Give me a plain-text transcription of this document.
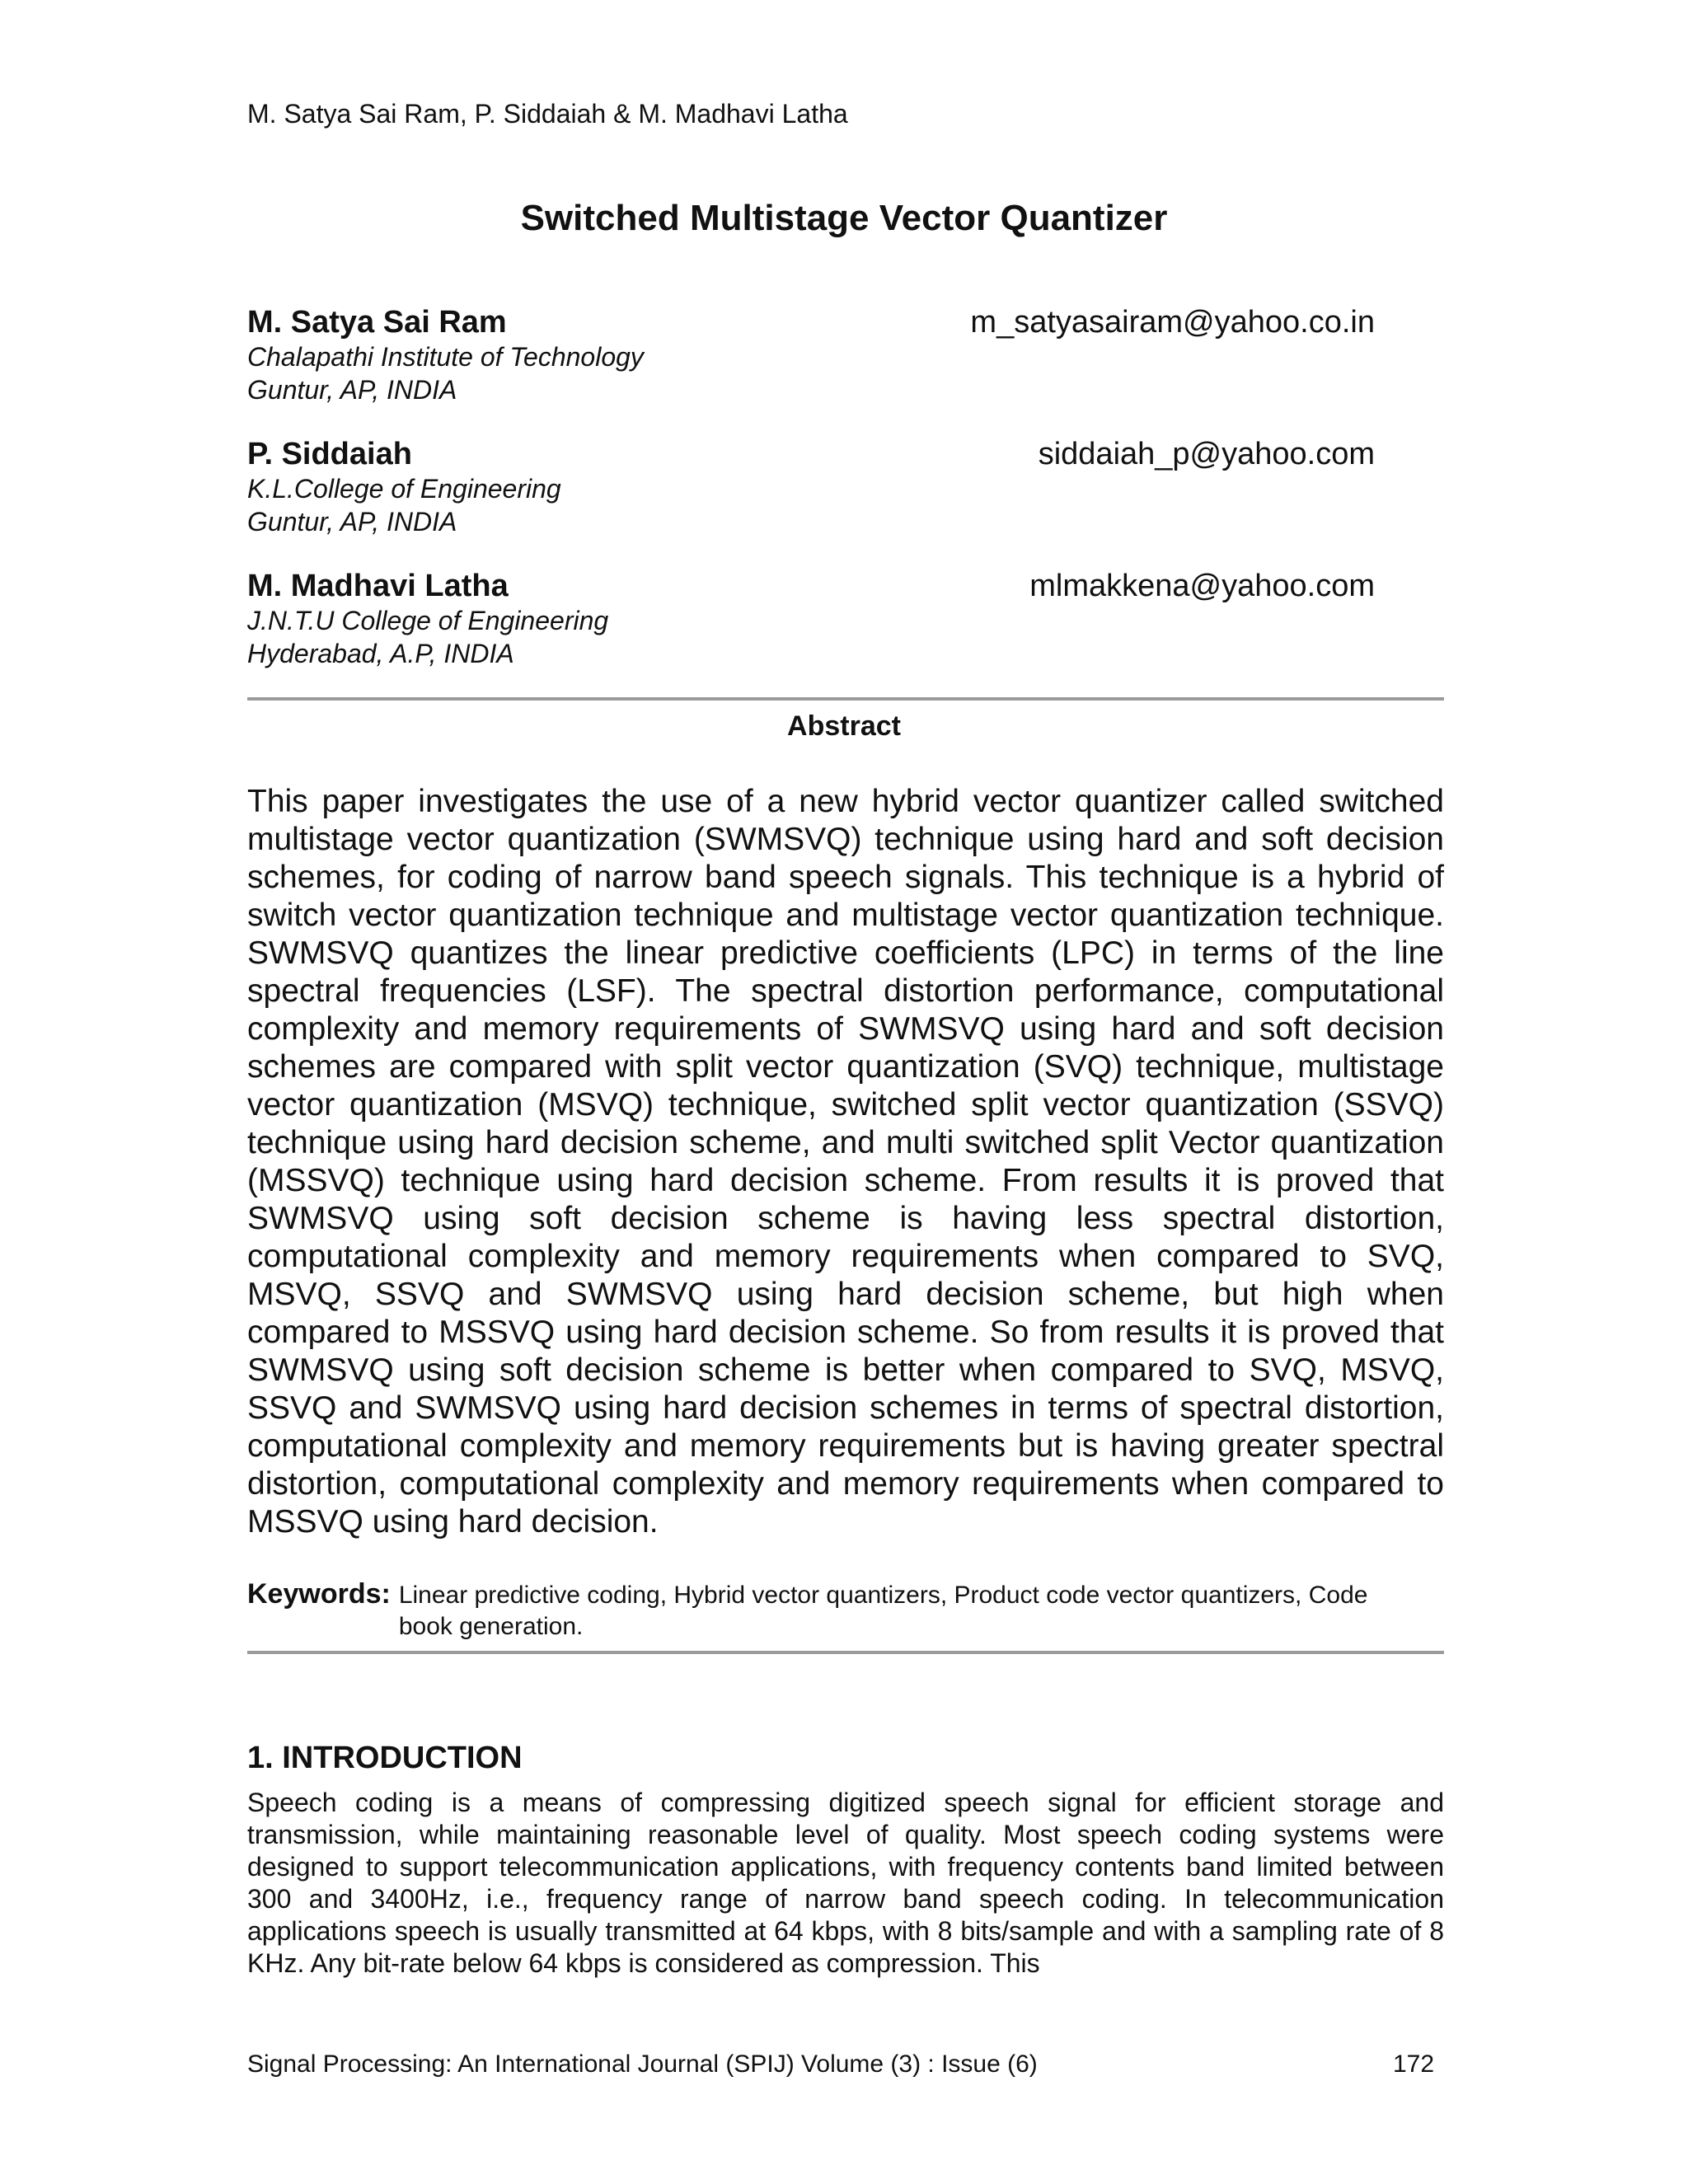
M. Satya Sai Ram, P. Siddaiah & M. Madhavi Latha
Switched Multistage Vector Quantizer
M. Satya Sai Ram	m_satyasairam@yahoo.co.in
Chalapathi Institute of Technology
Guntur, AP, INDIA
P. Siddaiah	siddaiah_p@yahoo.com
K.L.College of Engineering
Guntur, AP, INDIA
M. Madhavi Latha	mlmakkena@yahoo.com
J.N.T.U College of Engineering
Hyderabad, A.P, INDIA
Abstract

This paper investigates the use of a new hybrid vector quantizer called switched multistage vector quantization (SWMSVQ) technique using hard and soft decision schemes, for coding of narrow band speech signals. This technique is a hybrid of switch vector quantization technique and multistage vector quantization technique. SWMSVQ quantizes the linear predictive coefficients (LPC) in terms of the line spectral frequencies (LSF). The spectral distortion performance, computational complexity and memory requirements of SWMSVQ using hard and soft decision schemes are compared with split vector quantization (SVQ) technique, multistage vector quantization (MSVQ) technique, switched split vector quantization (SSVQ) technique using hard decision scheme, and multi switched split Vector quantization (MSSVQ) technique using hard decision scheme. From results it is proved that SWMSVQ using soft decision scheme is having less spectral distortion, computational complexity and memory requirements when compared to SVQ, MSVQ, SSVQ and SWMSVQ using hard decision scheme, but high when compared to MSSVQ using hard decision scheme. So from results it is proved that SWMSVQ using soft decision scheme is better when compared to SVQ, MSVQ, SSVQ and SWMSVQ using hard decision schemes in terms of spectral distortion, computational complexity and memory requirements but is having greater spectral distortion, computational complexity and memory requirements when compared to MSSVQ using hard decision.

Keywords: Linear predictive coding, Hybrid vector quantizers, Product code vector quantizers, Code book generation.
1. INTRODUCTION

Speech coding is a means of compressing digitized speech signal for efficient storage and transmission, while maintaining reasonable level of quality. Most speech coding systems were designed to support telecommunication applications, with frequency contents band limited between 300 and 3400Hz, i.e., frequency range of narrow band speech coding. In telecommunication applications speech is usually transmitted at 64 kbps, with 8 bits/sample and with a sampling rate of 8 KHz. Any bit-rate below 64 kbps is considered as compression. This

Signal Processing: An International Journal (SPIJ) Volume (3) : Issue (6)	172
